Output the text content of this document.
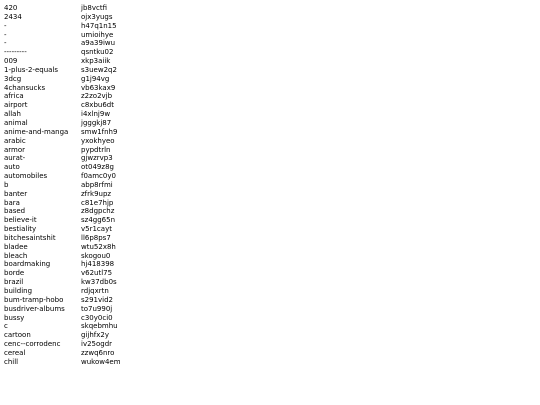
420	jb8vctfi
2434	ojx3yugs
-	h47q1n15
-	umioihye
-	a9a39iwu
---------	qsntku02
009	xkp3aiik
1-plus-2-equals	s3uew2q2
3dcg	g1j94vg
4chansucks	vb63kax9
africa	z2zo2vjb
airport	c8xbu6dt
allah	i4xlnj9w
animal	jgggkj87
anime-and-manga	smw1fnh9
arabic	yxokhyeo
armor	pypdtrln
aurat-	gjwzrvp3
auto	ot049z8g
automobiles	f0amc0y0
b	abp8rfmi
banter	zfrk9upz
bara	c81e7hjp
based	z8dgpchz
believe-it	sz4gg65n
bestiality	v5r1cayt
bitchesaintshit	ll6p8ps7
bladee	wtu52x8h
bleach	skogou0
boardmaking	hj418398
borde	v62utl75
brazil	kw37db0s
building	rdjqxrtn
bum-tramp-hobo	s291vid2
busdriver-albums	to7u990j
bussy	c30y0ci0
c	skqebmhu
cartoon	gijhfx2y
cenc--corrodenc	iv25ogdr
cereal	zzwq6nro
chill	wukow4em
